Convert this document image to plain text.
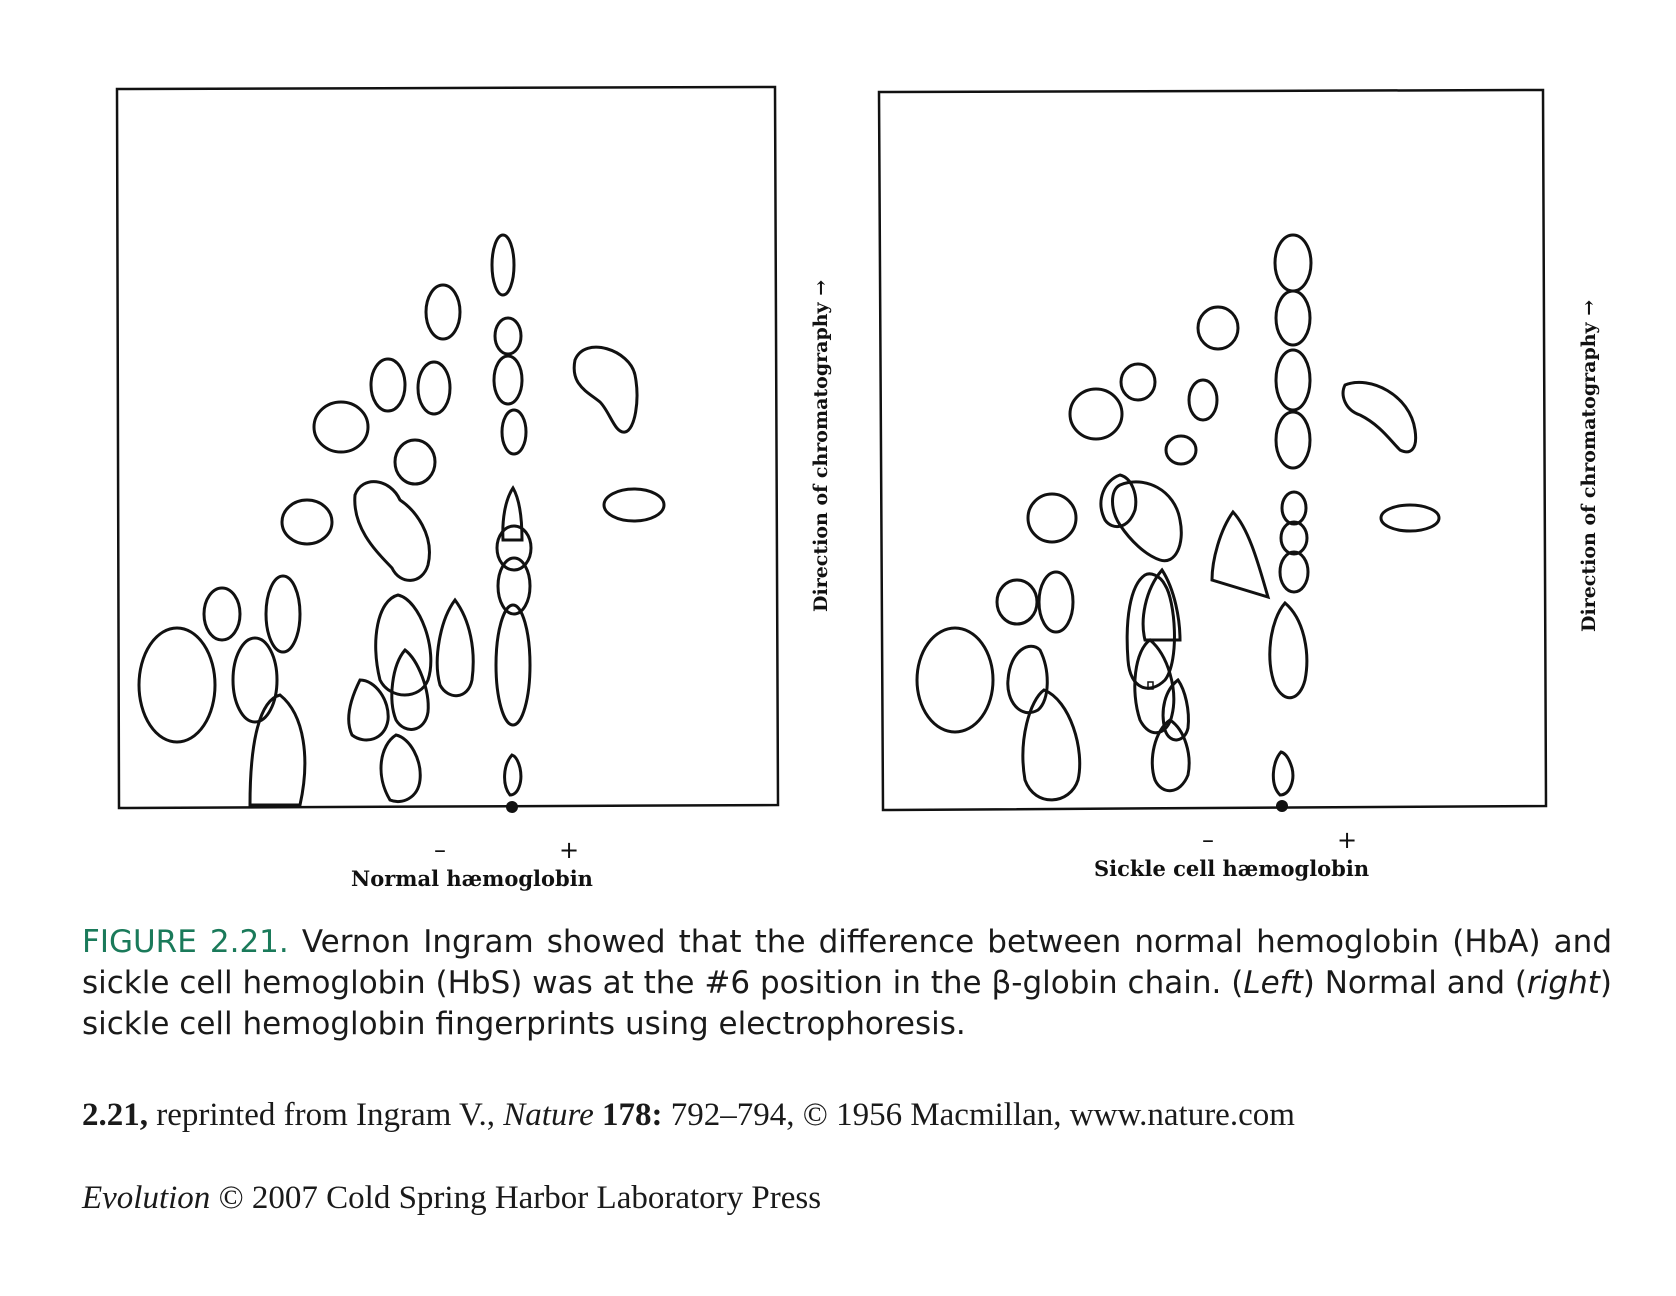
–	+
Normal hæmoglobin
Direction of chromatography →
–	+
Sickle cell hæmoglobin
Direction of chromatography →
FIGURE 2.21. Vernon Ingram showed that the difference between normal hemoglobin (HbA) and sickle cell hemoglobin (HbS) was at the #6 position in the β-globin chain. (Left) Normal and (right) sickle cell hemoglobin fingerprints using electrophoresis.
2.21, reprinted from Ingram V., Nature 178: 792–794, © 1956 Macmillan, www.nature.com
Evolution © 2007 Cold Spring Harbor Laboratory Press
